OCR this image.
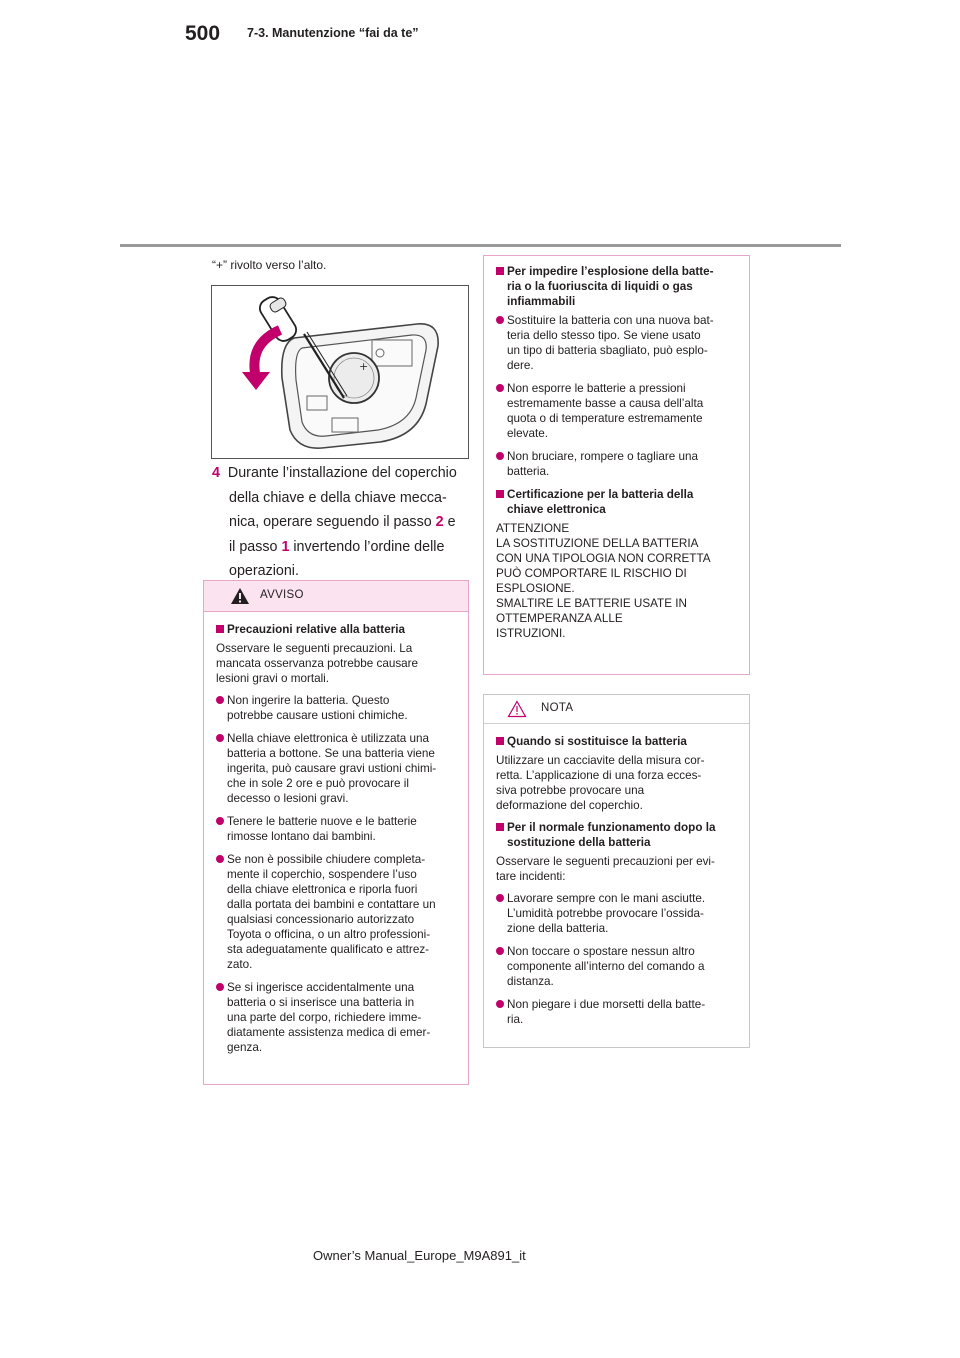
500 7-3. Manutenzione “fai da te”
“+” rivolto verso l’alto.
+
4 Durante l’installazione del coperchio
della chiave e della chiave mecca-
nica, operare seguendo il passo 2 e
il passo 1 invertendo l’ordine delle
operazioni.
AVVISO
Precauzioni relative alla batteria
Osservare le seguenti precauzioni. La
mancata osservanza potrebbe causare
lesioni gravi o mortali.
Non ingerire la batteria. Questo
potrebbe causare ustioni chimiche.
Nella chiave elettronica è utilizzata una
batteria a bottone. Se una batteria viene
ingerita, può causare gravi ustioni chimi-
che in sole 2 ore e può provocare il
decesso o lesioni gravi.
Tenere le batterie nuove e le batterie
rimosse lontano dai bambini.
Se non è possibile chiudere completa-
mente il coperchio, sospendere l’uso
della chiave elettronica e riporla fuori
dalla portata dei bambini e contattare un
qualsiasi concessionario autorizzato
Toyota o officina, o un altro professioni-
sta adeguatamente qualificato e attrez-
zato.
Se si ingerisce accidentalmente una
batteria o si inserisce una batteria in
una parte del corpo, richiedere imme-
diatamente assistenza medica di emer-
genza.
Per impedire l’esplosione della batte-
ria o la fuoriuscita di liquidi o gas
infiammabili
Sostituire la batteria con una nuova bat-
teria dello stesso tipo. Se viene usato
un tipo di batteria sbagliato, può esplo-
dere.
Non esporre le batterie a pressioni
estremamente basse a causa dell’alta
quota o di temperature estremamente
elevate.
Non bruciare, rompere o tagliare una
batteria.
Certificazione per la batteria della
chiave elettronica
ATTENZIONE
LA SOSTITUZIONE DELLA BATTERIA
CON UNA TIPOLOGIA NON CORRETTA
PUÒ COMPORTARE IL RISCHIO DI
ESPLOSIONE.
SMALTIRE LE BATTERIE USATE IN
OTTEMPERANZA ALLE
ISTRUZIONI.
NOTA
Quando si sostituisce la batteria
Utilizzare un cacciavite della misura cor-
retta. L’applicazione di una forza ecces-
siva potrebbe provocare una
deformazione del coperchio.
Per il normale funzionamento dopo la
sostituzione della batteria
Osservare le seguenti precauzioni per evi-
tare incidenti:
Lavorare sempre con le mani asciutte.
L’umidità potrebbe provocare l’ossida-
zione della batteria.
Non toccare o spostare nessun altro
componente all’interno del comando a
distanza.
Non piegare i due morsetti della batte-
ria.
Owner’s Manual_Europe_M9A891_it
